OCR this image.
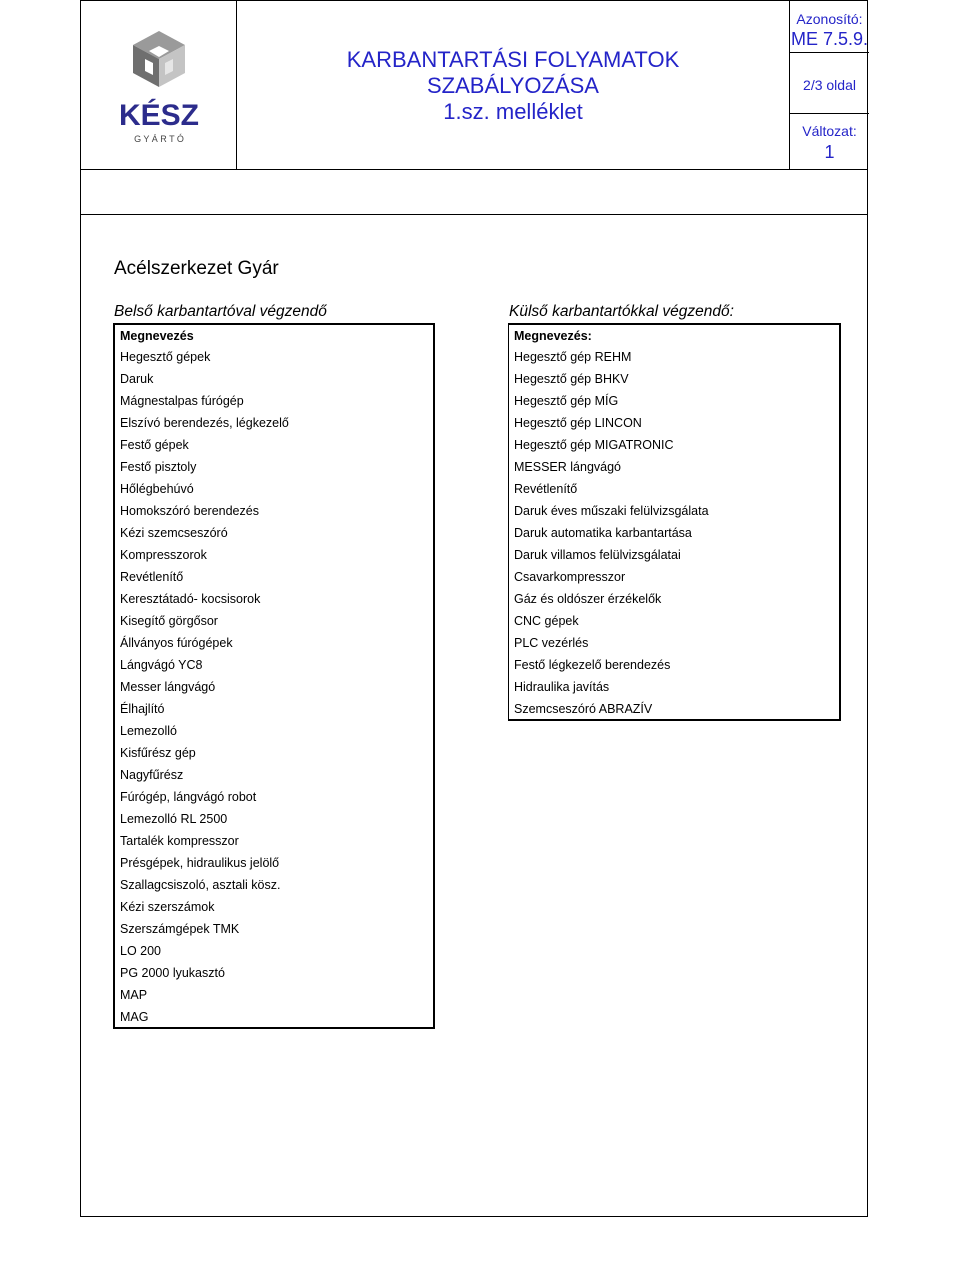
KÉSZ
G Y Á R T Ó
KARBANTARTÁSI FOLYAMATOK
SZABÁLYOZÁSA
1.sz. melléklet
Azonosító:
ME 7.5.9.
2/3 oldal
Változat:
1
Acélszerkezet Gyár
Belső karbantartóval végzendő	Külső karbantartókkal végzendő:
Megnevezés
Hegesztő gépek
Daruk
Mágnestalpas fúrógép
Elszívó berendezés, légkezelő
Festő gépek
Festő pisztoly
Hőlégbehúvó
Homokszóró berendezés
Kézi szemcseszóró
Kompresszorok
Revétlenítő
Keresztátadó- kocsisorok
Kisegítő görgősor
Állványos fúrógépek
Lángvágó YC8
Messer lángvágó
Élhajlító
Lemezolló
Kisfűrész gép
Nagyfűrész
Fúrógép, lángvágó robot
Lemezolló RL 2500
Tartalék kompresszor
Présgépek, hidraulikus jelölő
Szallagcsiszoló, asztali kösz.
Kézi szerszámok
Szerszámgépek TMK
LO 200
PG 2000 lyukasztó
MAP
MAG
Megnevezés:
Hegesztő gép REHM
Hegesztő gép BHKV
Hegesztő gép MÍG
Hegesztő gép LINCON
Hegesztő gép MIGATRONIC
MESSER lángvágó
Revétlenítő
Daruk éves műszaki felülvizsgálata
Daruk automatika karbantartása
Daruk villamos felülvizsgálatai
Csavarkompresszor
Gáz és oldószer érzékelők
CNC gépek
PLC vezérlés
Festő légkezelő berendezés
Hidraulika javítás
Szemcseszóró ABRAZÍV
